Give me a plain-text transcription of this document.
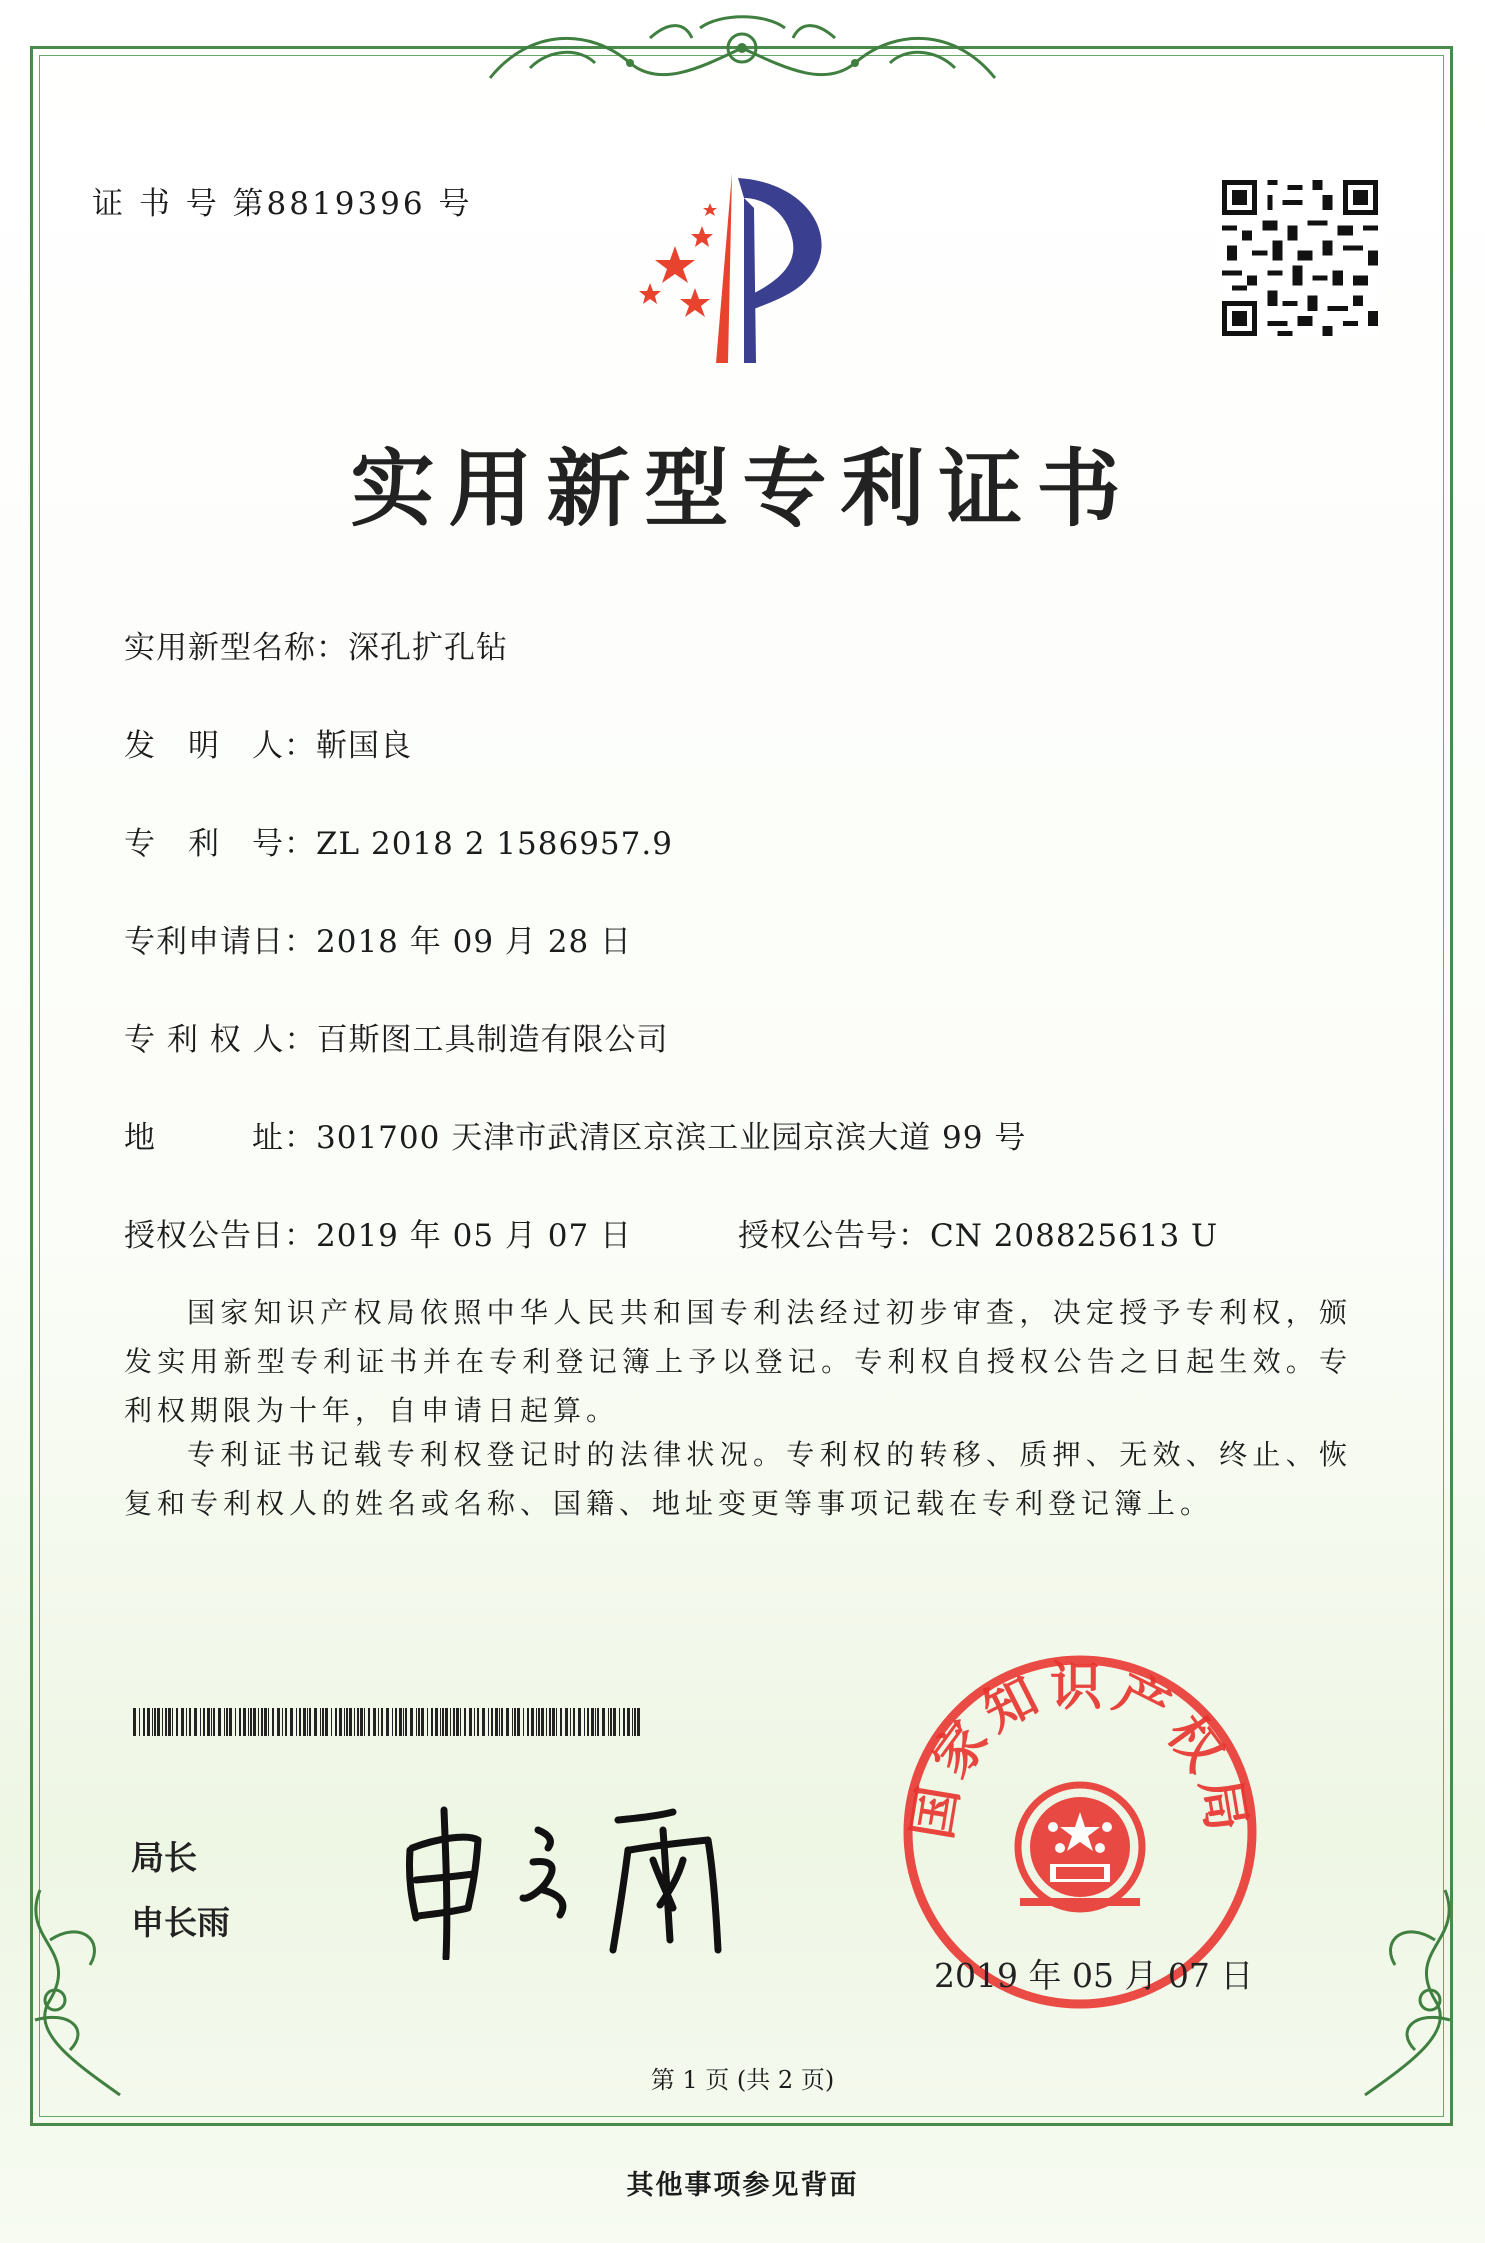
证 书 号 第8819396 号
实用新型专利证书
实用新型名称：深孔扩孔钻
发　明　人：靳国良
专　利　号：ZL 2018 2 1586957.9
专利申请日：2018 年 09 月 28 日
专 利 权 人：百斯图工具制造有限公司
地　　　址：301700 天津市武清区京滨工业园京滨大道 99 号
授权公告日：2019 年 05 月 07 日	授权公告号：CN 208825613 U
国家知识产权局依照中华人民共和国专利法经过初步审查，决定授予专利权，颁发实用新型专利证书并在专利登记簿上予以登记。专利权自授权公告之日起生效。专利权期限为十年，自申请日起算。
专利证书记载专利权登记时的法律状况。专利权的转移、质押、无效、终止、恢复和专利权人的姓名或名称、国籍、地址变更等事项记载在专利登记簿上。
局长
申长雨
国家知识产权局
2019 年 05 月 07 日
第 1 页 (共 2 页)
其他事项参见背面
